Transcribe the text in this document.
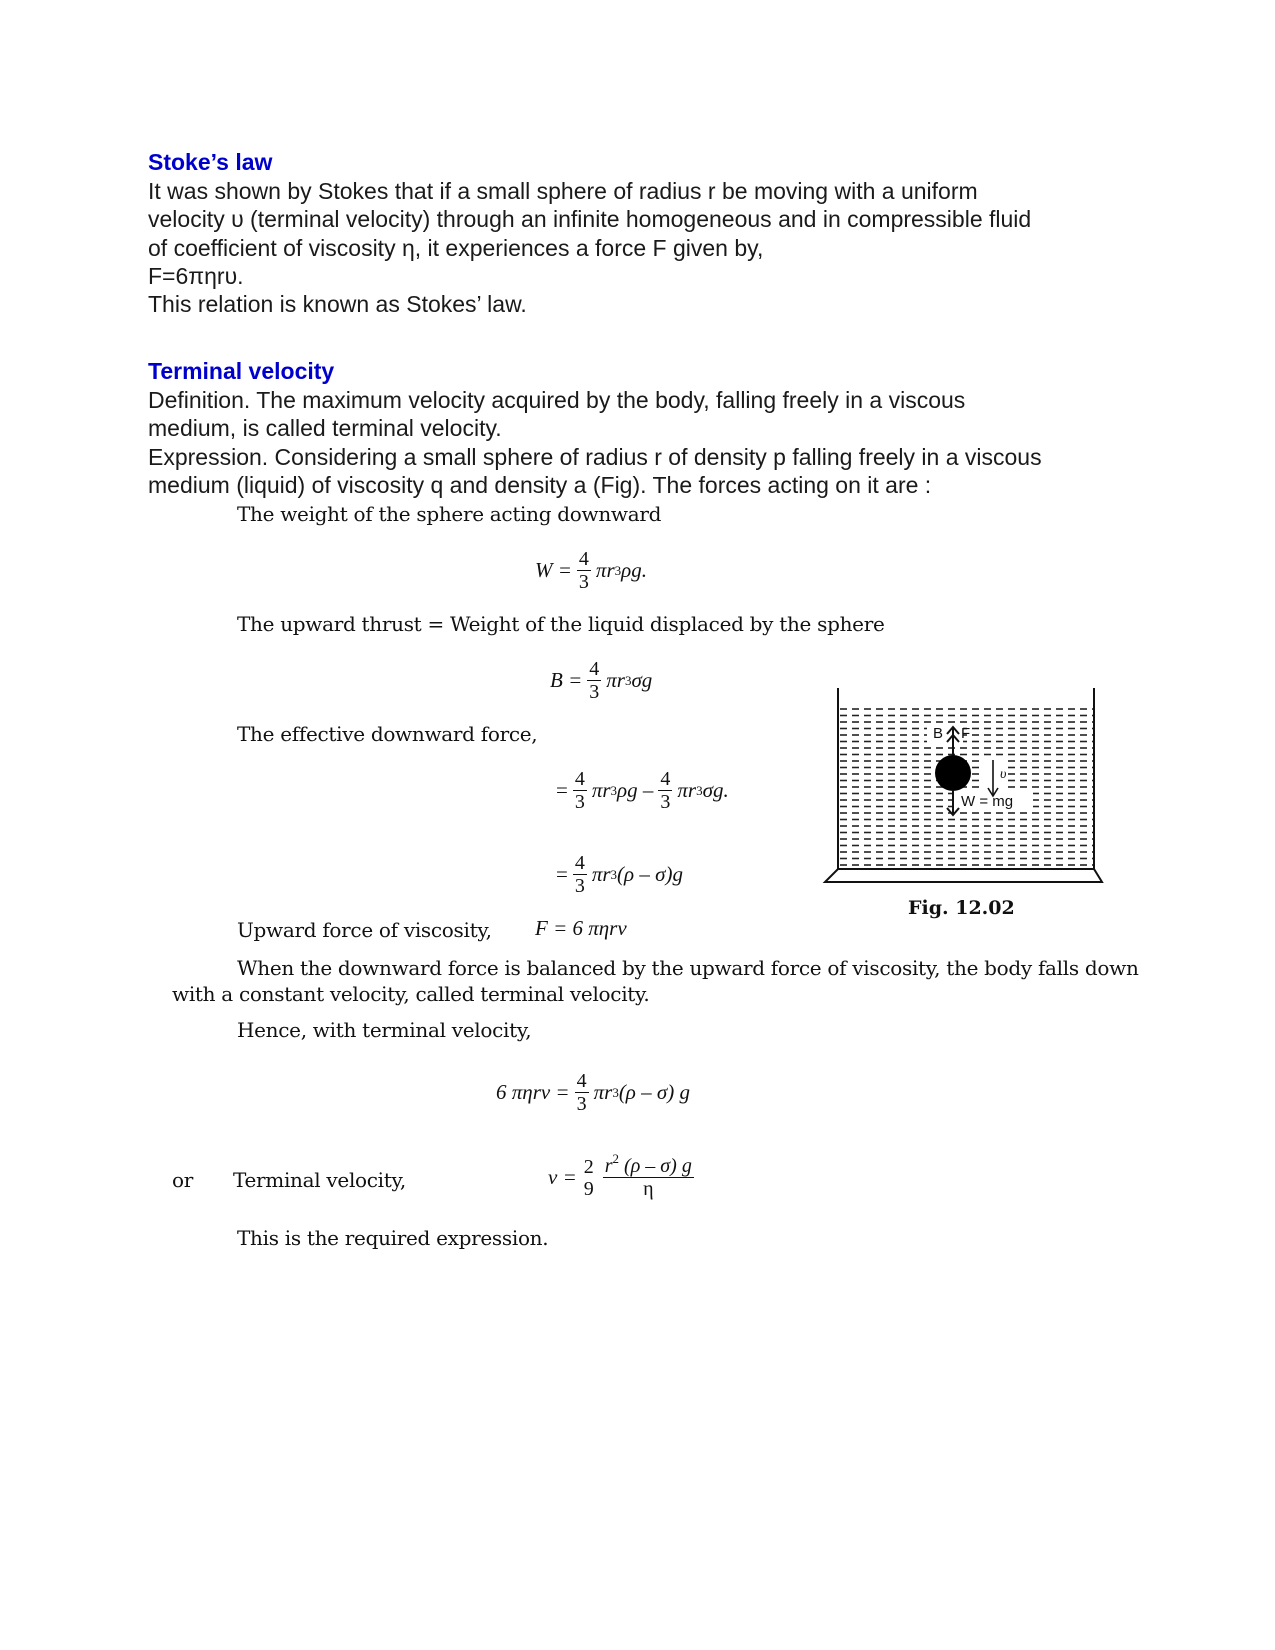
Stoke’s law
It was shown by Stokes that if a small sphere of radius r be moving with a uniform
velocity υ (terminal velocity) through an infinite homogeneous and in compressible fluid
of coefficient of viscosity η, it experiences a force F given by,
F=6πηrυ.
This relation is known as Stokes’ law.
Terminal velocity
Definition. The maximum velocity acquired by the body, falling freely in a viscous
medium, is called terminal velocity.
Expression. Considering a small sphere of radius r of density p falling freely in a viscous
medium (liquid) of viscosity q and density a (Fig). The forces acting on it are :
The weight of the sphere acting downward
$W = \frac{4}{3}$ πr 3 ρg.
The upward thrust = Weight of the liquid displaced by the sphere
$B = \frac{4}{3}$ πr 3 σg
The effective downward force,
= $\frac{4}{3}$ πr 3 ρg – $\frac{4}{3}$ πr 3 σg.
= $\frac{4}{3}$ πr 3 (ρ – σ)g
Upward force of viscosity, F = 6 πηrv
When the downward force is balanced by the upward force of viscosity, the body falls down
with a constant velocity, called terminal velocity.
Hence, with terminal velocity,
6 $\pi\eta rv = \frac{4}{3}$ πr 3 (ρ – σ) g
or Terminal velocity,	v = 2
$9 \frac{r^2 (\rho - \sigma) g}{\eta}$
This is the required expression.
B F
υ
W = mg
Fig. 12.02
